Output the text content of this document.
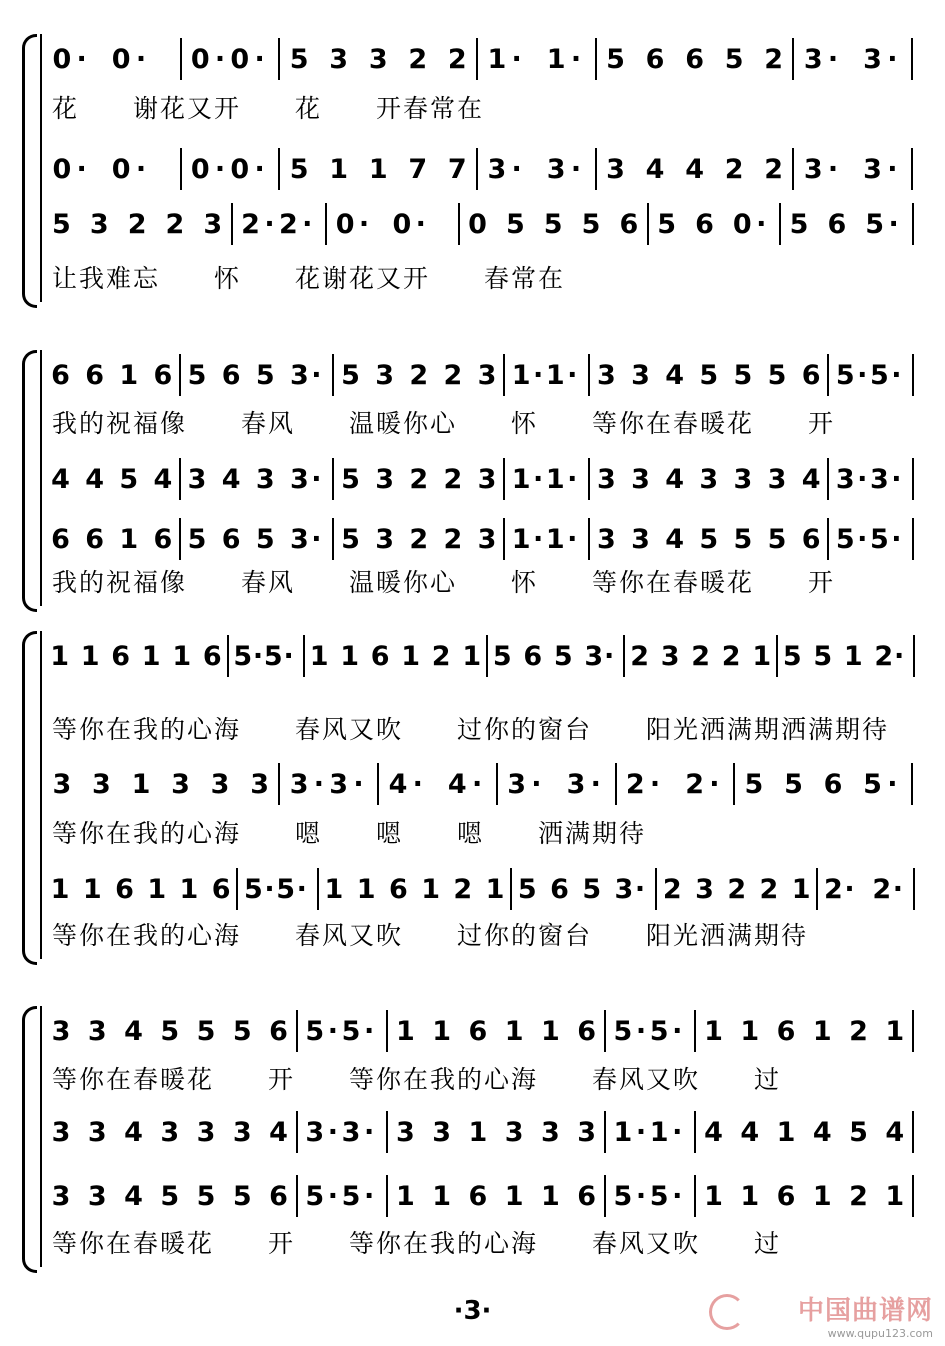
0 · 0 · 0 · 0 · 5 3 3 2 2 1 · 1 · 5 6 6 5 2 3 · 3 ·
花 谢花又开 花 开春常在
0 · 0 · 0 · 0 · 5 1 1 7 7 3 · 3 · 3 4 4 2 2 3 · 3 ·
5 3 2 2 3 2 · 2 · 0 · 0 · 0 5 5 5 6 5 6 0 · 5 6 5 ·
让我难忘 怀 花谢花又开 春常在
6 6 1 6 5 6 5 3 · 5 3 2 2 3 1 · 1 · 3 3 4 5 5 5 6 5 · 5 ·
我的祝福像 春风 温暖你心 怀 等你在春暖花 开
4 4 5 4 3 4 3 3 · 5 3 2 2 3 1 · 1 · 3 3 4 3 3 3 4 3 · 3 ·
6 6 1 6 5 6 5 3 · 5 3 2 2 3 1 · 1 · 3 3 4 5 5 5 6 5 · 5 ·
我的祝福像 春风 温暖你心 怀 等你在春暖花 开
1 1 6 1 1 6 5 · 5 · 1 1 6 1 2 1 5 6 5 3 · 2 3 2 2 1 5 5 1 2 ·
等你在我的心海 春风又吹 过你的窗台 阳光洒满期洒满期待
3 3 1 3 3 3 3 · 3 · 4 · 4 · 3 · 3 · 2 · 2 · 5 5 6 5 ·
等你在我的心海 嗯 嗯 嗯 洒满期待
1 1 6 1 1 6 5 · 5 · 1 1 6 1 2 1 5 6 5 3 · 2 3 2 2 1 2 · 2 ·
等你在我的心海 春风又吹 过你的窗台 阳光洒满期待
3 3 4 5 5 5 6 5 · 5 · 1 1 6 1 1 6 5 · 5 · 1 1 6 1 2 1
等你在春暖花 开 等你在我的心海 春风又吹 过
3 3 4 3 3 3 4 3 · 3 · 3 3 1 3 3 3 1 · 1 · 4 4 1 4 5 4
3 3 4 5 5 5 6 5 · 5 · 1 1 6 1 1 6 5 · 5 · 1 1 6 1 2 1
等你在春暖花 开 等你在我的心海 春风又吹 过
·3·	中国曲谱网
www.qupu123.com
